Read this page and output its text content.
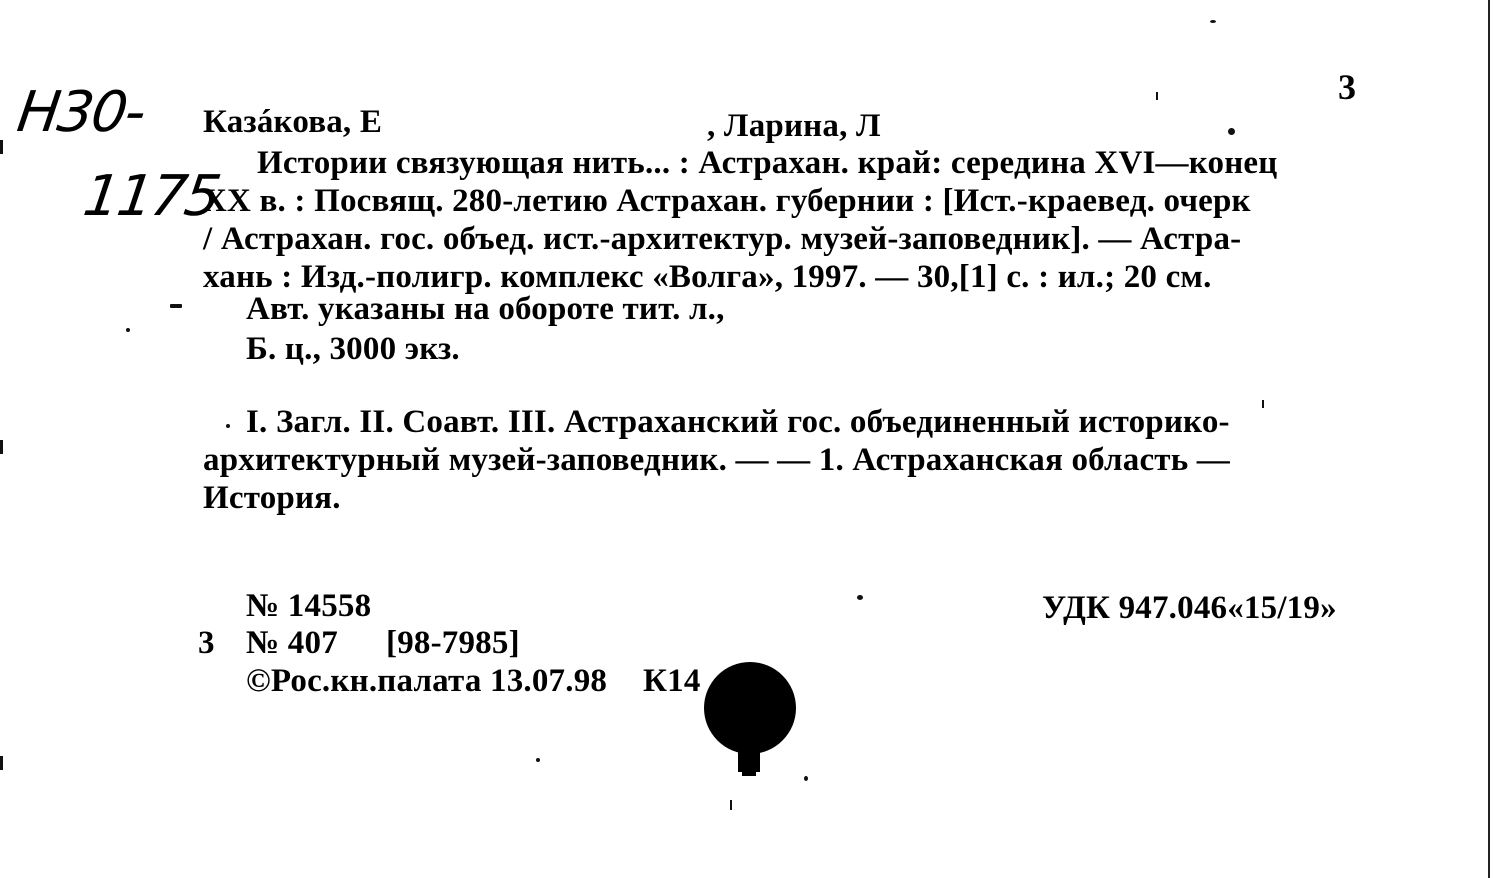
Н30-
1175
3
Казáкова, Е	, Ларина, Л
Истории связующая нить... : Астрахан. край: середина XVI—конец
XX в. : Посвящ. 280-летию Астрахан. губернии : [Ист.-краевед. очерк
/ Астрахан. гос. объед. ист.-архитектур. музей-заповедник]. — Астра-
хань : Изд.-полигр. комплекс «Волга», 1997. — 30,[1] с. : ил.; 20 см.
Авт. указаны на обороте тит. л.,
Б. ц., 3000 экз.
I. Загл. II. Соавт. III. Астраханский гос. объединенный историко-
архитектурный музей-заповедник. — — 1. Астраханская область —
История.
№ 14558
3 № 407 [98-7985]
©Рос.кн.палата 13.07.98 К14
УДК 947.046«15/19»
